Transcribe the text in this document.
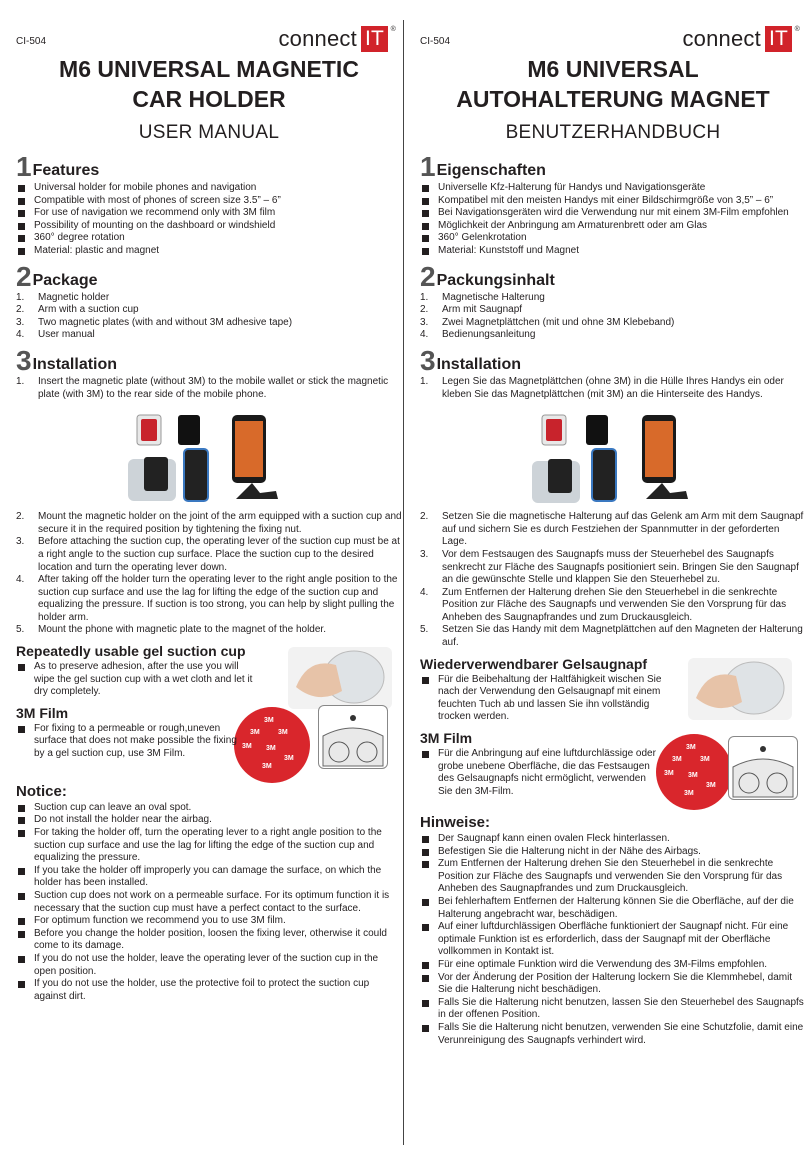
CI-504	connect IT ®
M6 UNIVERSAL MAGNETIC
CAR HOLDER
USER MANUAL
1 Features
Universal holder for mobile phones and navigation
Compatible with most of phones of screen size 3.5” – 6”
For use of navigation we recommend only with 3M film
Possibility of mounting on the dashboard or windshield
360° degree rotation
Material: plastic and magnet
2 Package
1. Magnetic holder
2. Arm with a suction cup
3. Two magnetic plates (with and without 3M adhesive tape)
4. User manual
3 Installation
1. Insert the magnetic plate (without 3M) to the mobile wallet or stick the magnetic plate (with 3M) to the rear side of the mobile phone.
2. Mount the magnetic holder on the joint of the arm equipped with a suction cup and secure it in the required position by tightening the fixing nut.
3. Before attaching the suction cup, the operating lever of the suction cup must be at a right angle to the suction cup surface. Place the suction cup to the desired location and turn the operating lever down.
4. After taking off the holder turn the operating lever to the right angle position to the suction cup surface and use the lag for lifting the edge of the suction cup and equalizing the pressure. If suction is too strong, you can help by slight pulling the holder arm.
5. Mount the phone with magnetic plate to the magnet of the holder.
Repeatedly usable gel suction cup
As to preserve adhesion, after the use you will wipe the gel suction cup with a wet cloth and let it dry completely.
3M
3M	3M
3M 3M
3M
3M
3M Film
For fixing to a permeable or rough,uneven surface that does not make possible the fixing by a gel suction cup, use 3M Film.
Notice:
Suction cup can leave an oval spot.
Do not install the holder near the airbag.
For taking the holder off, turn the operating lever to a right angle position to the suction cup surface and use the lag for lifting the edge of the suction cup and equalizing the pressure.
If you take the holder off improperly you can damage the surface, on which the holder has been installed.
Suction cup does not work on a permeable surface. For its optimum function it is necessary that the suction cup must have a perfect contact to the surface.
For optimum function we recommend you to use 3M film.
Before you change the holder position, loosen the fixing lever, otherwise it could come to its damage.
If you do not use the holder, leave the operating lever of the suction cup in the open position.
If you do not use the holder, use the protective foil to protect the suction cup against dirt.
CI-504	connect IT ®
M6 UNIVERSAL
AUTOHALTERUNG MAGNET
BENUTZERHANDBUCH
1 Eigenschaften
Universelle Kfz-Halterung für Handys und Navigationsgeräte
Kompatibel mit den meisten Handys mit einer Bildschirmgröße von 3,5” – 6”
Bei Navigationsgeräten wird die Verwendung nur mit einem 3M-Film empfohlen
Möglichkeit der Anbringung am Armaturenbrett oder am Glas
360° Gelenkrotation
Material: Kunststoff und Magnet
2 Packungsinhalt
1. Magnetische Halterung
2. Arm mit Saugnapf
3. Zwei Magnetplättchen (mit und ohne 3M Klebeband)
4. Bedienungsanleitung
3 Installation
1. Legen Sie das Magnetplättchen (ohne 3M) in die Hülle Ihres Handys ein oder kleben Sie das Magnetplättchen (mit 3M) an die Hinterseite des Handys.
2. Setzen Sie die magnetische Halterung auf das Gelenk am Arm mit dem Saugnapf auf und sichern Sie es durch Festziehen der Spannmutter in der geforderten Lage.
3. Vor dem Festsaugen des Saugnapfs muss der Steuerhebel des Saugnapfs senkrecht zur Fläche des Saugnapfs positioniert sein. Bringen Sie den Saugnapf an die gewünschte Stelle und klappen Sie den Steuerhebel zu.
4. Zum Entfernen der Halterung drehen Sie den Steuerhebel in die senkrechte Position zur Fläche des Saugnapfs und verwenden Sie den Vorsprung für das Anheben des Saugnapfrandes und zum Druckausgleich.
5. Setzen Sie das Handy mit dem Magnetplättchen auf den Magneten der Halterung auf.
Wiederverwendbarer Gelsaugnapf
Für die Beibehaltung der Haltfähigkeit wischen Sie nach der Verwendung den Gelsaugnapf mit einem feuchten Tuch ab und lassen Sie ihn vollständig trocken werden.
3M
3M	3M
3M 3M
3M
3M
3M Film
Für die Anbringung auf eine luftdurchlässige oder grobe unebene Oberfläche, die das Festsaugen des Gelsaugnapfs nicht ermöglicht, verwenden Sie den 3M-Film.
Hinweise:
Der Saugnapf kann einen ovalen Fleck hinterlassen.
Befestigen Sie die Halterung nicht in der Nähe des Airbags.
Zum Entfernen der Halterung drehen Sie den Steuerhebel in die senkrechte Position zur Fläche des Saugnapfs und verwenden Sie den Vorsprung für das Anheben des Saugnapfrandes und zum Druckausgleich.
Bei fehlerhaftem Entfernen der Halterung können Sie die Oberfläche, auf der die Halterung angebracht war, beschädigen.
Auf einer luftdurchlässigen Oberfläche funktioniert der Saugnapf nicht. Für eine optimale Funktion ist es erforderlich, dass der Saugnapf mit der Oberfläche vollkommen in Kontakt ist.
Für eine optimale Funktion wird die Verwendung des 3M-Films empfohlen.
Vor der Änderung der Position der Halterung lockern Sie die Klemmhebel, damit Sie die Halterung nicht beschädigen.
Falls Sie die Halterung nicht benutzen, lassen Sie den Steuerhebel des Saugnapfs in der offenen Position.
Falls Sie die Halterung nicht benutzen, verwenden Sie eine Schutzfolie, damit eine Verunreinigung des Saugnapfs verhindert wird.
